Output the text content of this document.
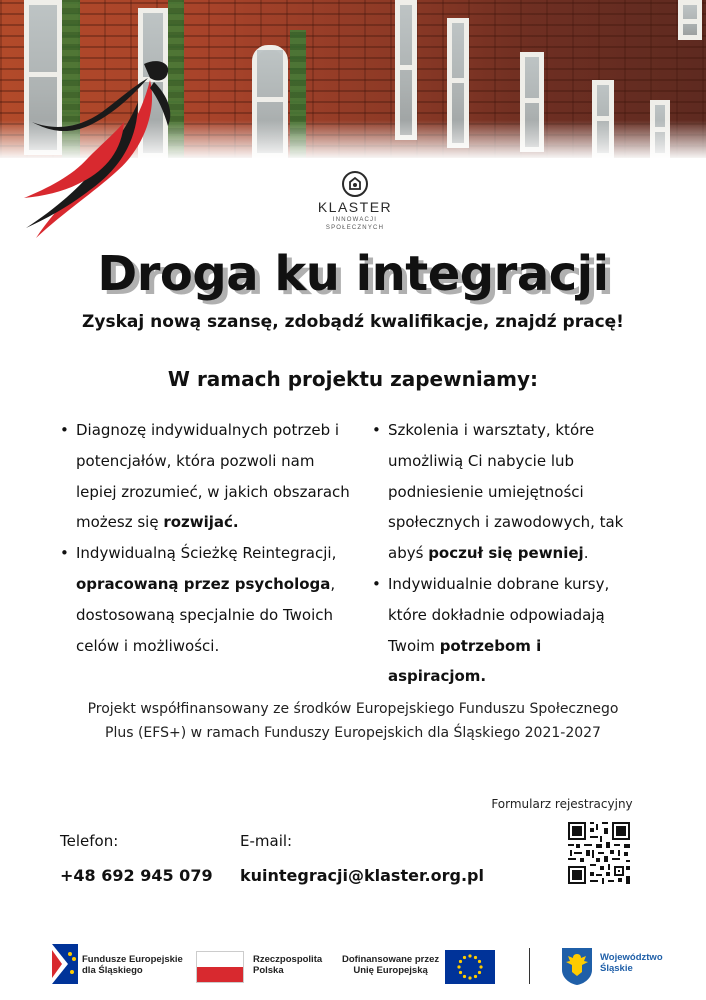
KLASTER
INNOWACJI
SPOŁECZNYCH
Droga ku integracji
Zyskaj nową szansę, zdobądź kwalifikacje, znajdź pracę!
W ramach projektu zapewniamy:
• Diagnozę indywidualnych potrzeb i potencjałów, która pozwoli nam lepiej zrozumieć, w jakich obszarach możesz się rozwijać.
• Indywidualną Ścieżkę Reintegracji, opracowaną przez psychologa, dostosowaną specjalnie do Twoich celów i możliwości.
• Szkolenia i warsztaty, które umożliwią Ci nabycie lub podniesienie umiejętności społecznych i zawodowych, tak abyś poczuł się pewniej.
• Indywidualnie dobrane kursy, które dokładnie odpowiadają Twoim potrzebom i aspiracjom.
Projekt współfinansowany ze środków Europejskiego Funduszu Społecznego
Plus (EFS+) w ramach Funduszy Europejskich dla Śląskiego 2021-2027
Formularz rejestracyjny
Telefon:
+48 692 945 079
E-mail:
kuintegracji@klaster.org.pl
Fundusze Europejskie
dla Śląskiego
Rzeczpospolita
Polska
Dofinansowane przez
Unię Europejską
Województwo
Śląskie
